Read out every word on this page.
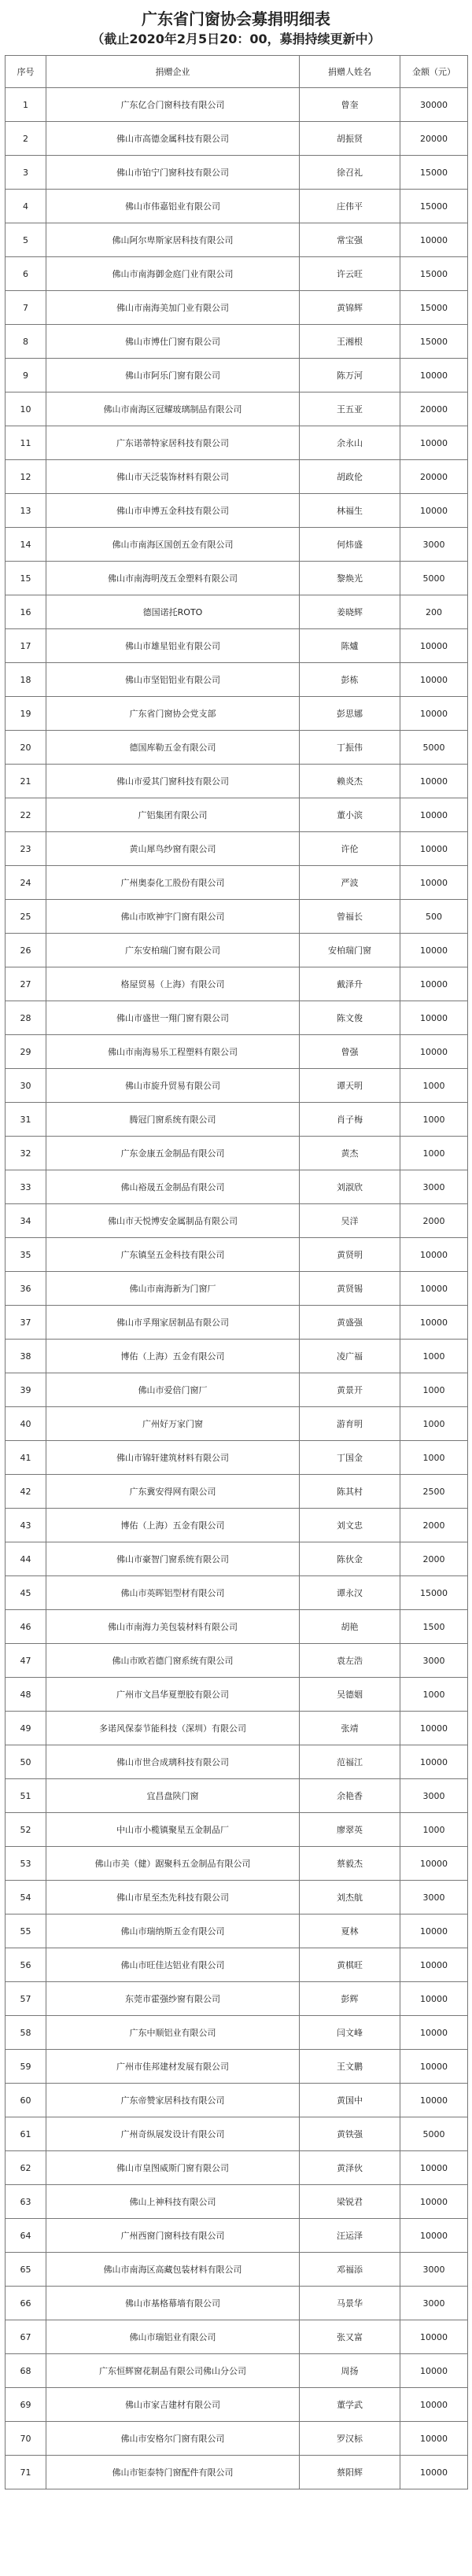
广东省门窗协会募捐明细表
（截止2020年2月5日20：00，募捐持续更新中）
序号	捐赠企业	捐赠人姓名	金额（元）
1	广东亿合门窗科技有限公司	曾奎	30000
2	佛山市高德金属科技有限公司	胡振贤	20000
3	佛山市铂宁门窗科技有限公司	徐召礼	15000
4	佛山市伟嘉铝业有限公司	庄伟平	15000
5	佛山阿尔卑斯家居科技有限公司	常宝强	10000
6	佛山市南海御金庭门业有限公司	许云旺	15000
7	佛山市南海美加门业有限公司	黄锦辉	15000
8	佛山市博仕门窗有限公司	王湘根	15000
9	佛山市阿乐门窗有限公司	陈万河	10000
10	佛山市南海区冠耀玻璃制品有限公司	王五亚	20000
11	广东诺蒂特家居科技有限公司	余永山	10000
12	佛山市天泛装饰材料有限公司	胡政伦	20000
13	佛山市申博五金科技有限公司	林福生	10000
14	佛山市南海区国创五金有限公司	何炜盛	3000
15	佛山市南海明茂五金塑料有限公司	黎焕光	5000
16	德国诺托ROTO	姜晓辉	200
17	佛山市雄星铝业有限公司	陈爐	10000
18	佛山市坚铝铝业有限公司	彭栋	10000
19	广东省门窗协会党支部	彭思娜	10000
20	德国库勒五金有限公司	丁振伟	5000
21	佛山市爱其门窗科技有限公司	赖炎杰	10000
22	广铝集团有限公司	董小滨	10000
23	黄山犀鸟纱窗有限公司	许伦	10000
24	广州奥泰化工股份有限公司	严波	10000
25	佛山市欧神宇门窗有限公司	曾福长	500
26	广东安柏瑞门窗有限公司	安柏瑞门窗	10000
27	格屋贸易（上海）有限公司	戴泽升	10000
28	佛山市盛世一翔门窗有限公司	陈文俊	10000
29	佛山市南海易乐工程塑料有限公司	曾强	10000
30	佛山市旋升贸易有限公司	谭天明	1000
31	腾冠门窗系统有限公司	肖子梅	1000
32	广东金康五金制品有限公司	黄杰	1000
33	佛山裕晟五金制品有限公司	刘淑欣	3000
34	佛山市天悦博安金属制品有限公司	吴洋	2000
35	广东镇坚五金科技有限公司	黄贤明	10000
36	佛山市南海新为门窗厂	黄贤锡	10000
37	佛山市孚翔家居制品有限公司	黄盛强	10000
38	博佑（上海）五金有限公司	凌广福	1000
39	佛山市爱倍门窗厂	黄景开	1000
40	广州好万家门窗	游育明	1000
41	佛山市锦轩建筑材料有限公司	丁国金	1000
42	广东冀安得网有限公司	陈其村	2500
43	博佑（上海）五金有限公司	刘文忠	2000
44	佛山市豪智门窗系统有限公司	陈伙金	2000
45	佛山市英晖铝型材有限公司	谭永汉	15000
46	佛山市南海力美包装材料有限公司	胡艳	1500
47	佛山市欧若德门窗系统有限公司	袁左浩	3000
48	广州市文昌华夏塑胶有限公司	吴德姻	1000
49	多诺风保泰节能科技（深圳）有限公司	张靖	10000
50	佛山市世合成璃科技有限公司	范福江	10000
51	宜昌盘陕门窗	余艳香	3000
52	中山市小榄镇聚星五金制品厂	廖翠英	1000
53	佛山市美（健）踞聚科五金制品有限公司	蔡毅杰	10000
54	佛山市星至杰先科技有限公司	刘杰航	3000
55	佛山市瑞纳斯五金有限公司	夏林	10000
56	佛山市旺佳达铝业有限公司	黄棋旺	10000
57	东莞市霍强纱窗有限公司	彭辉	10000
58	广东中顺铝业有限公司	闫文峰	10000
59	广州市佳邦建材发展有限公司	王文鹏	10000
60	广东帝赞家居科技有限公司	黄国中	10000
61	广州奇纵展发设计有限公司	黄铁强	5000
62	佛山市皇图威斯门窗有限公司	黄泽伙	10000
63	佛山上神科技有限公司	梁锐君	10000
64	广州西窗门窗科技有限公司	汪运泽	10000
65	佛山市南海区高藏包装材料有限公司	邓福添	3000
66	佛山市基格幕墙有限公司	马景华	3000
67	佛山市瑞铝业有限公司	张又富	10000
68	广东恒辉窗花制品有限公司佛山分公司	周扬	10000
69	佛山市家吉建材有限公司	董学武	10000
70	佛山市安格尔门窗有限公司	罗汉标	10000
71	佛山市钜泰特门窗配件有限公司	蔡阳辉	10000
